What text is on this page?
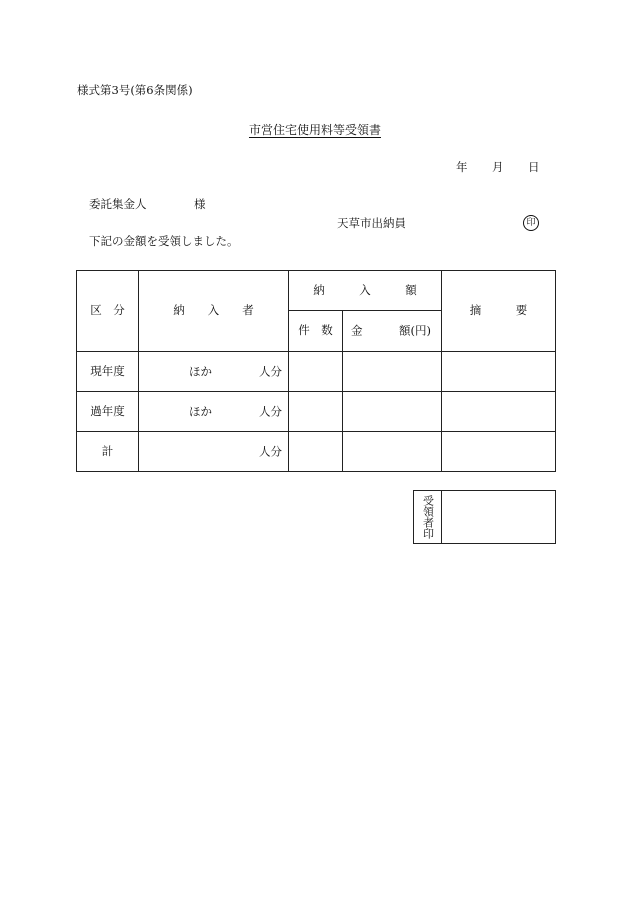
様式第3号(第6条関係)
市営住宅使用料等受領書
年 月 日
委託集金人	様
天草市出納員	印
下記の金額を受領しました。
区　分	納　　入　　者	納　　　入　　　額		摘　　　要
		件　数	金 額(円)	

現年度	ほか 人分			

過年度	ほか 人分			

計	人分			

受領者印
